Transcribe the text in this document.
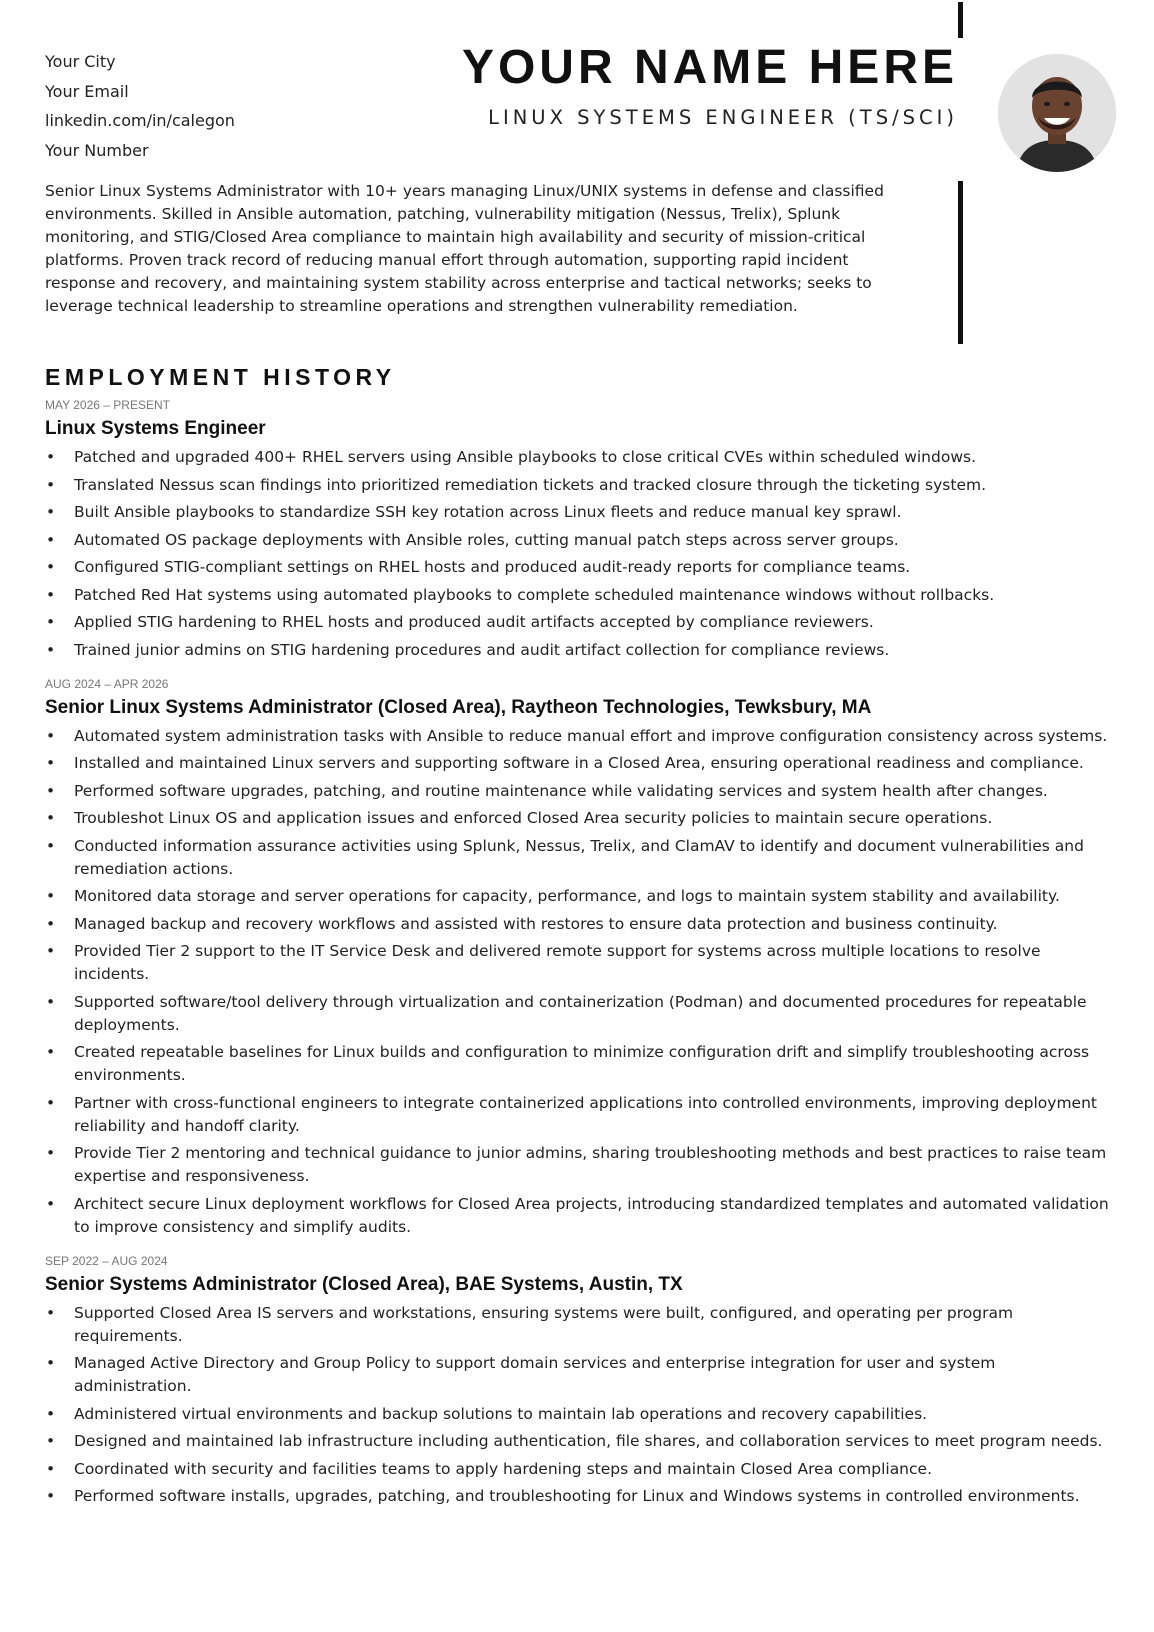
Your City
Your Email
linkedin.com/in/calegon
Your Number
YOUR NAME HERE
LINUX SYSTEMS ENGINEER (TS/SCI)
Senior Linux Systems Administrator with 10+ years managing Linux/UNIX systems in defense and classified environments. Skilled in Ansible automation, patching, vulnerability mitigation (Nessus, Trelix), Splunk monitoring, and STIG/Closed Area compliance to maintain high availability and security of mission-critical platforms. Proven track record of reducing manual effort through automation, supporting rapid incident response and recovery, and maintaining system stability across enterprise and tactical networks; seeks to leverage technical leadership to streamline operations and strengthen vulnerability remediation.
EMPLOYMENT HISTORY
MAY 2026 – PRESENT
Linux Systems Engineer
• Patched and upgraded 400+ RHEL servers using Ansible playbooks to close critical CVEs within scheduled windows.
• Translated Nessus scan findings into prioritized remediation tickets and tracked closure through the ticketing system.
• Built Ansible playbooks to standardize SSH key rotation across Linux fleets and reduce manual key sprawl.
• Automated OS package deployments with Ansible roles, cutting manual patch steps across server groups.
• Configured STIG-compliant settings on RHEL hosts and produced audit-ready reports for compliance teams.
• Patched Red Hat systems using automated playbooks to complete scheduled maintenance windows without rollbacks.
• Applied STIG hardening to RHEL hosts and produced audit artifacts accepted by compliance reviewers.
• Trained junior admins on STIG hardening procedures and audit artifact collection for compliance reviews.
AUG 2024 – APR 2026
Senior Linux Systems Administrator (Closed Area), Raytheon Technologies, Tewksbury, MA
• Automated system administration tasks with Ansible to reduce manual effort and improve configuration consistency across systems.
• Installed and maintained Linux servers and supporting software in a Closed Area, ensuring operational readiness and compliance.
• Performed software upgrades, patching, and routine maintenance while validating services and system health after changes.
• Troubleshot Linux OS and application issues and enforced Closed Area security policies to maintain secure operations.
• Conducted information assurance activities using Splunk, Nessus, Trelix, and ClamAV to identify and document vulnerabilities and remediation actions.
• Monitored data storage and server operations for capacity, performance, and logs to maintain system stability and availability.
• Managed backup and recovery workflows and assisted with restores to ensure data protection and business continuity.
• Provided Tier 2 support to the IT Service Desk and delivered remote support for systems across multiple locations to resolve incidents.
• Supported software/tool delivery through virtualization and containerization (Podman) and documented procedures for repeatable deployments.
• Created repeatable baselines for Linux builds and configuration to minimize configuration drift and simplify troubleshooting across environments.
• Partner with cross-functional engineers to integrate containerized applications into controlled environments, improving deployment reliability and handoff clarity.
• Provide Tier 2 mentoring and technical guidance to junior admins, sharing troubleshooting methods and best practices to raise team expertise and responsiveness.
• Architect secure Linux deployment workflows for Closed Area projects, introducing standardized templates and automated validation to improve consistency and simplify audits.
SEP 2022 – AUG 2024
Senior Systems Administrator (Closed Area), BAE Systems, Austin, TX
• Supported Closed Area IS servers and workstations, ensuring systems were built, configured, and operating per program requirements.
• Managed Active Directory and Group Policy to support domain services and enterprise integration for user and system administration.
• Administered virtual environments and backup solutions to maintain lab operations and recovery capabilities.
• Designed and maintained lab infrastructure including authentication, file shares, and collaboration services to meet program needs.
• Coordinated with security and facilities teams to apply hardening steps and maintain Closed Area compliance.
• Performed software installs, upgrades, patching, and troubleshooting for Linux and Windows systems in controlled environments.
